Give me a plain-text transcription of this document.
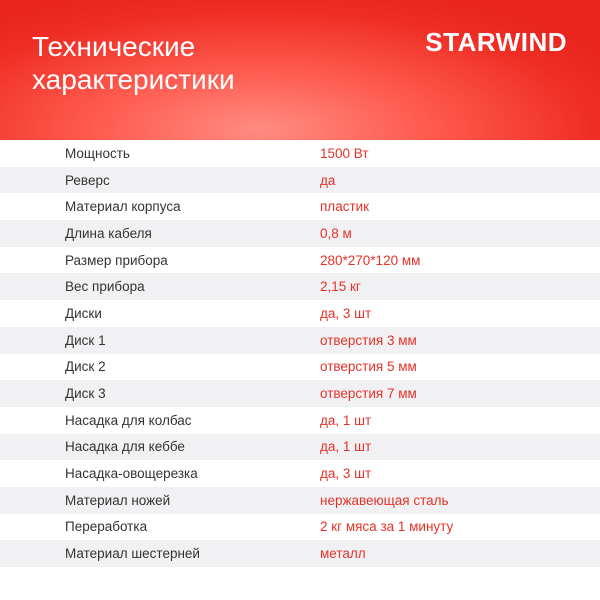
Технические
характеристики
STARWIND
Мощность	1500 Вт
Реверс	да
Материал корпуса	пластик
Длина кабеля	0,8 м
Размер прибора	280*270*120 мм
Вес прибора	2,15 кг
Диски	да, 3 шт
Диск 1	отверстия 3 мм
Диск 2	отверстия 5 мм
Диск 3	отверстия 7 мм
Насадка для колбас	да, 1 шт
Насадка для кеббе	да, 1 шт
Насадка-овощерезка	да, 3 шт
Материал ножей	нержавеющая сталь
Переработка	2 кг мяса за 1 минуту
Материал шестерней	металл
